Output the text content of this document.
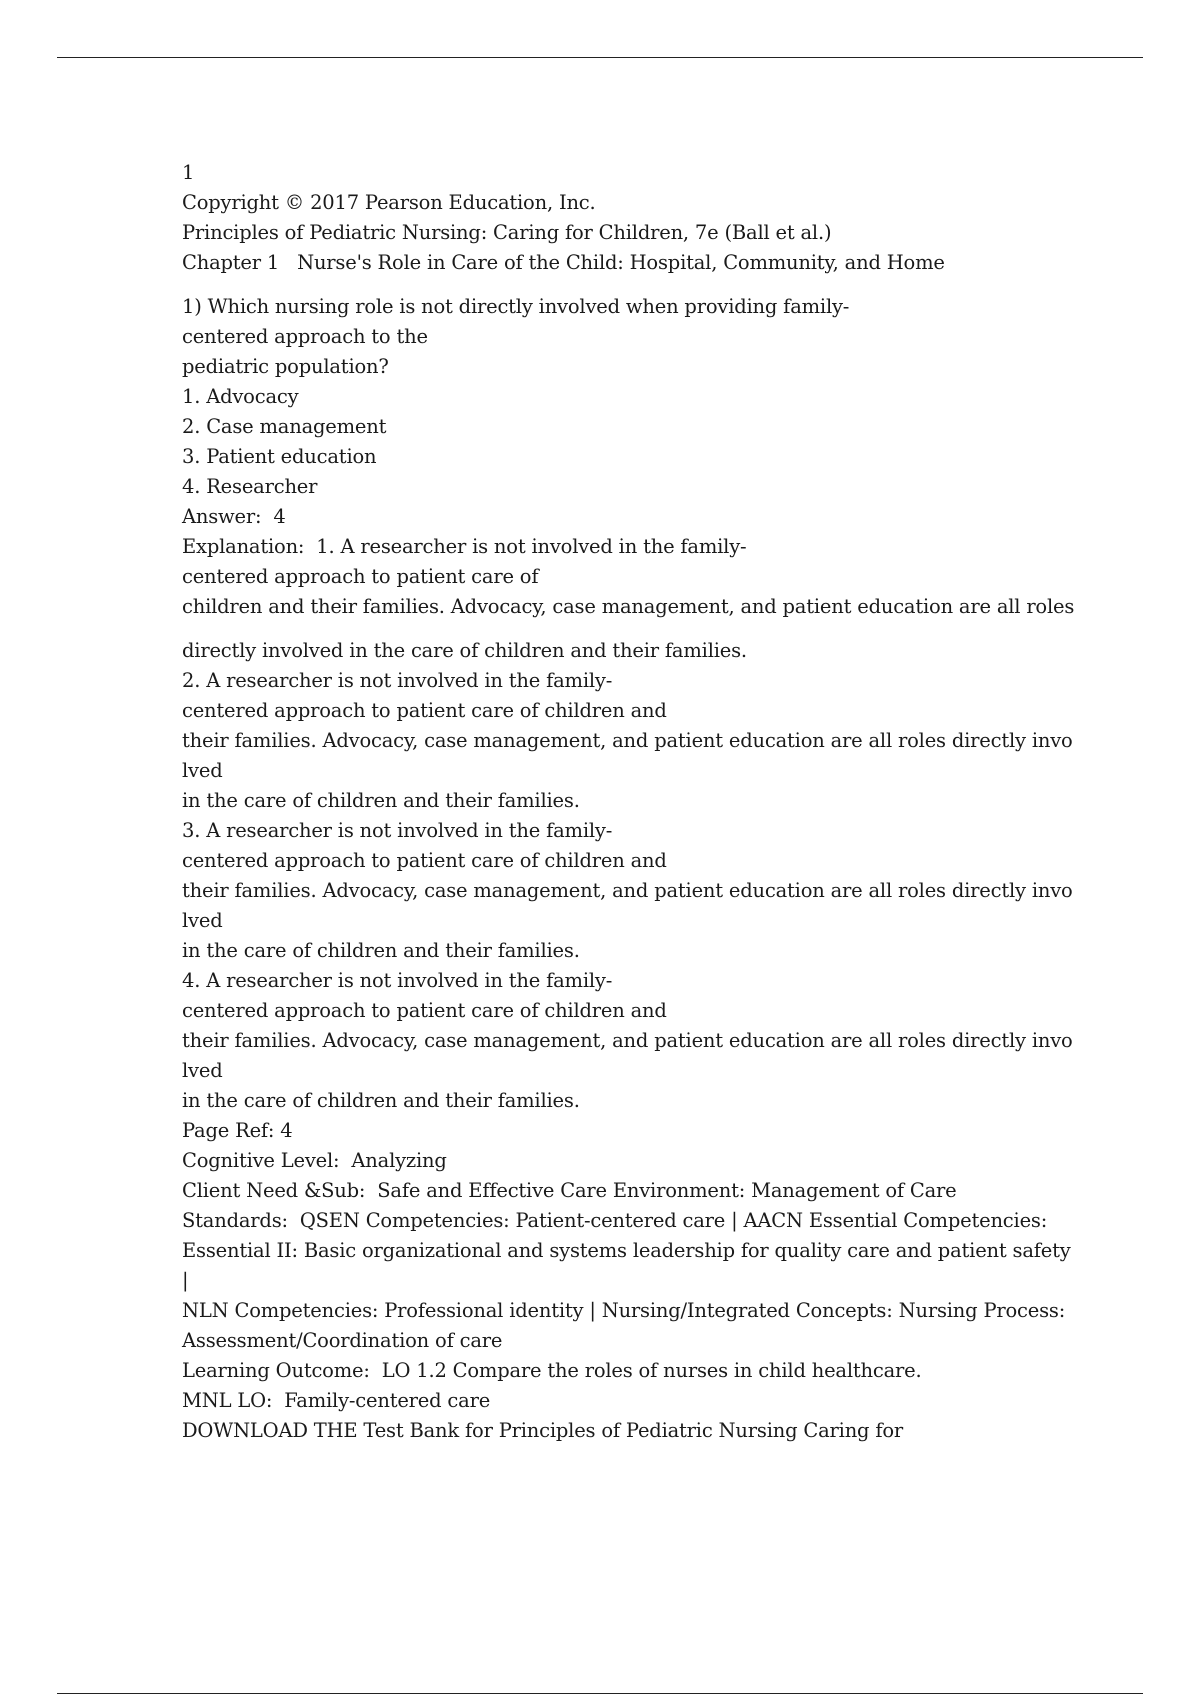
1
Copyright © 2017 Pearson Education, Inc.
Principles of Pediatric Nursing: Caring for Children, 7e (Ball et al.)
Chapter 1   Nurse's Role in Care of the Child: Hospital, Community, and Home
1) Which nursing role is not directly involved when providing family-
centered approach to the
pediatric population?
1. Advocacy
2. Case management
3. Patient education
4. Researcher
Answer:  4
Explanation:  1. A researcher is not involved in the family-
centered approach to patient care of
children and their families. Advocacy, case management, and patient education are all roles
directly involved in the care of children and their families.
2. A researcher is not involved in the family-
centered approach to patient care of children and
their families. Advocacy, case management, and patient education are all roles directly invo
lved
in the care of children and their families.
3. A researcher is not involved in the family-
centered approach to patient care of children and
their families. Advocacy, case management, and patient education are all roles directly invo
lved
in the care of children and their families.
4. A researcher is not involved in the family-
centered approach to patient care of children and
their families. Advocacy, case management, and patient education are all roles directly invo
lved
in the care of children and their families.
Page Ref: 4
Cognitive Level:  Analyzing
Client Need &Sub:  Safe and Effective Care Environment: Management of Care
Standards:  QSEN Competencies: Patient-centered care | AACN Essential Competencies:
Essential II: Basic organizational and systems leadership for quality care and patient safety
|
NLN Competencies: Professional identity | Nursing/Integrated Concepts: Nursing Process:
Assessment/Coordination of care
Learning Outcome:  LO 1.2 Compare the roles of nurses in child healthcare.
MNL LO:  Family-centered care
DOWNLOAD THE Test Bank for Principles of Pediatric Nursing Caring for
